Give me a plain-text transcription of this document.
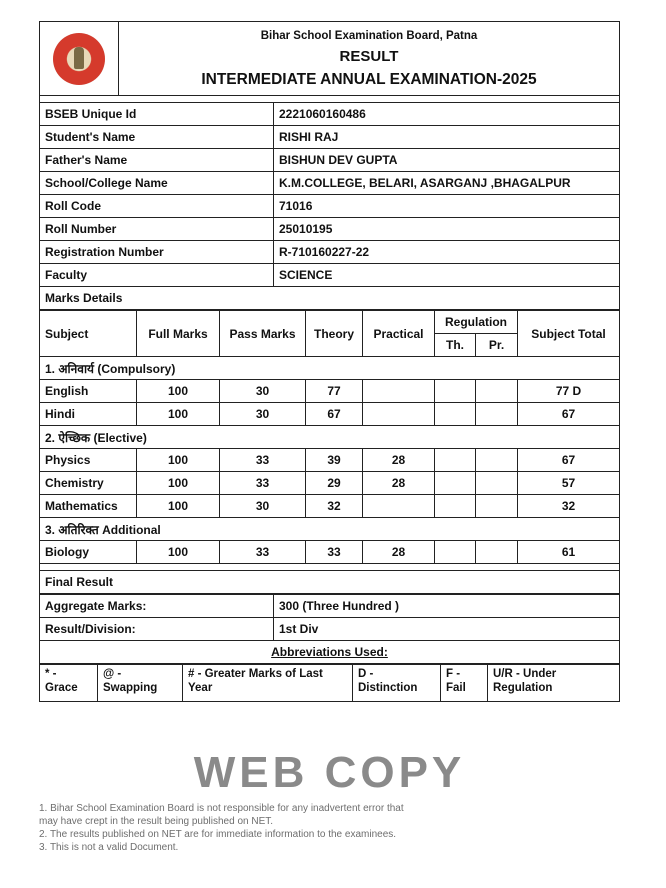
Bihar School Examination Board, Patna
RESULT
INTERMEDIATE ANNUAL EXAMINATION-2025

BSEB Unique Id	2221060160486
Student's Name	RISHI RAJ
Father's Name	BISHUN DEV GUPTA
School/College Name	K.M.COLLEGE, BELARI, ASARGANJ ,BHAGALPUR
Roll Code	71016
Roll Number	25010195
Registration Number	R-710160227-22
Faculty	SCIENCE
Marks Details	
Subject	Full Marks	Pass Marks	Theory	Practical	Regulation		Subject Total
					Th.	Pr.	
1. अनिवार्य (Compulsory)							
English	100	30	77				77 D
Hindi	100	30	67				67
2. ऐच्छिक (Elective)							
Physics	100	33	39	28			67
Chemistry	100	33	29	28			57
Mathematics	100	30	32				32
3. अतिरिक्त Additional							
Biology	100	33	33	28			61

Final Result							
Aggregate Marks:	300 (Three Hundred )
Result/Division:	1st Div
Abbreviations Used:	
* - Grace	@ - Swapping	# - Greater Marks of Last Year	D - Distinction	F - Fail	U/R - Under Regulation
WEB COPY
1. Bihar School Examination Board is not responsible for any inadvertent error that
may have crept in the result being published on NET.
2. The results published on NET are for immediate information to the examinees.
3. This is not a valid Document.
